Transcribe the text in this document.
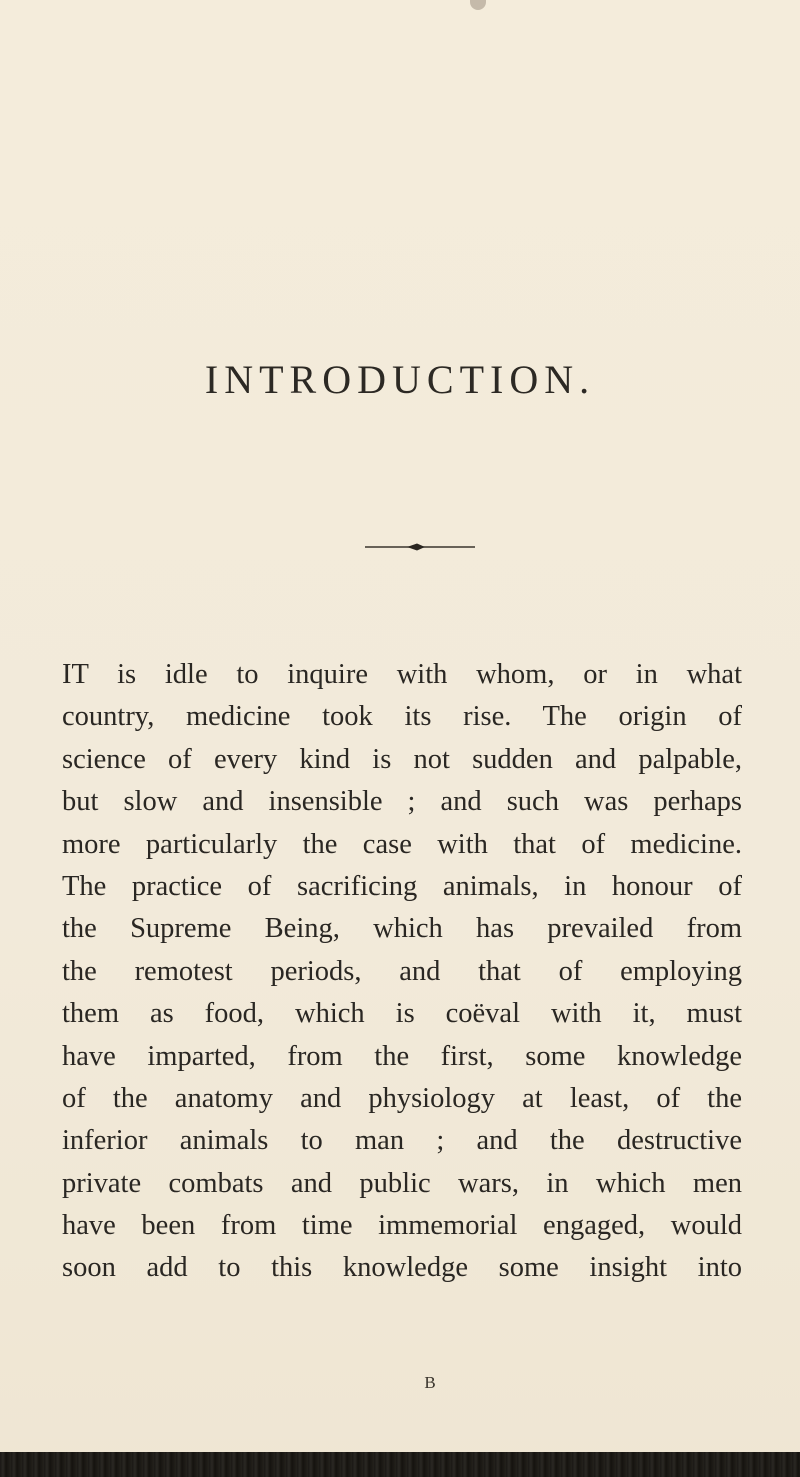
INTRODUCTION.
IT is idle to inquire with whom, or in what
country, medicine took its rise. The origin of
science of every kind is not sudden and palpable,
but slow and insensible ; and such was perhaps
more particularly the case with that of medicine.
The practice of sacrificing animals, in honour of
the Supreme Being, which has prevailed from
the remotest periods, and that of employing
them as food, which is coëval with it, must
have imparted, from the first, some knowledge
of the anatomy and physiology at least, of the
inferior animals to man ; and the destructive
private combats and public wars, in which men
have been from time immemorial engaged, would
soon add to this knowledge some insight into
B
